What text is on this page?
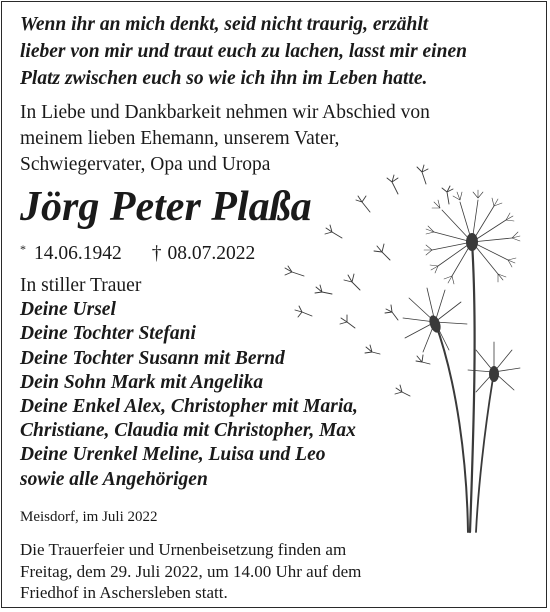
Wenn ihr an mich denkt, seid nicht traurig, erzählt
lieber von mir und traut euch zu lachen, lasst mir einen
Platz zwischen euch so wie ich ihn im Leben hatte.
In Liebe und Dankbarkeit nehmen wir Abschied von
meinem lieben Ehemann, unserem Vater,
Schwiegervater, Opa und Uropa
Jörg Peter Plaßa
* 14.06.1942 † 08.07.2022
In stiller Trauer
Deine Ursel
Deine Tochter Stefani
Deine Tochter Susann mit Bernd
Dein Sohn Mark mit Angelika
Deine Enkel Alex, Christopher mit Maria,
Christiane, Claudia mit Christopher, Max
Deine Urenkel Meline, Luisa und Leo
sowie alle Angehörigen
Meisdorf, im Juli 2022
Die Trauerfeier und Urnenbeisetzung finden am
Freitag, dem 29. Juli 2022, um 14.00 Uhr auf dem
Friedhof in Aschersleben statt.
